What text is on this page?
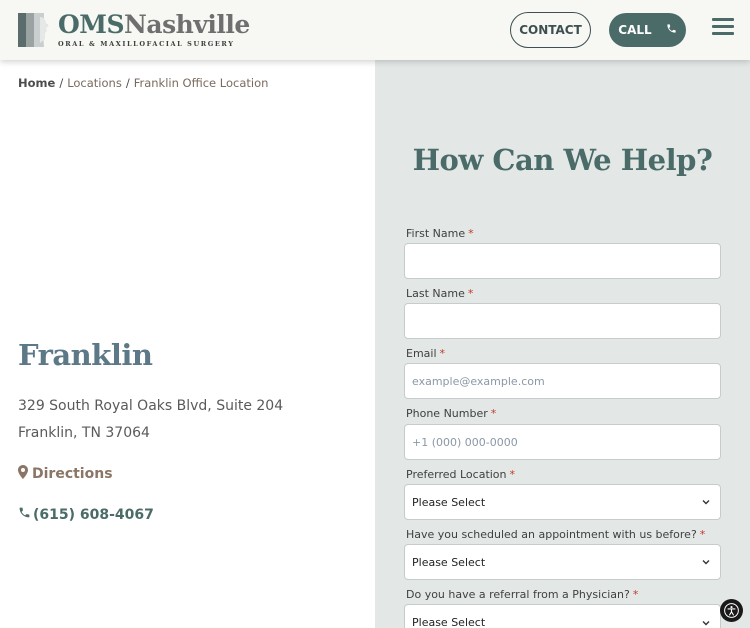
OMSNashville
ORAL & MAXILLOFACIAL SURGERY
CONTACT	CALL
Home / Locations / Franklin Office Location
Franklin
329 South Royal Oaks Blvd, Suite 204
Franklin, TN 37064
Directions
(615) 608-4067
How Can We Help?
First Name *
Last Name *
Email *
example@example.com
Phone Number *
+1 (000) 000-0000
Preferred Location *
Please Select
Have you scheduled an appointment with us before? *
Please Select
Do you have a referral from a Physician? *
Please Select
